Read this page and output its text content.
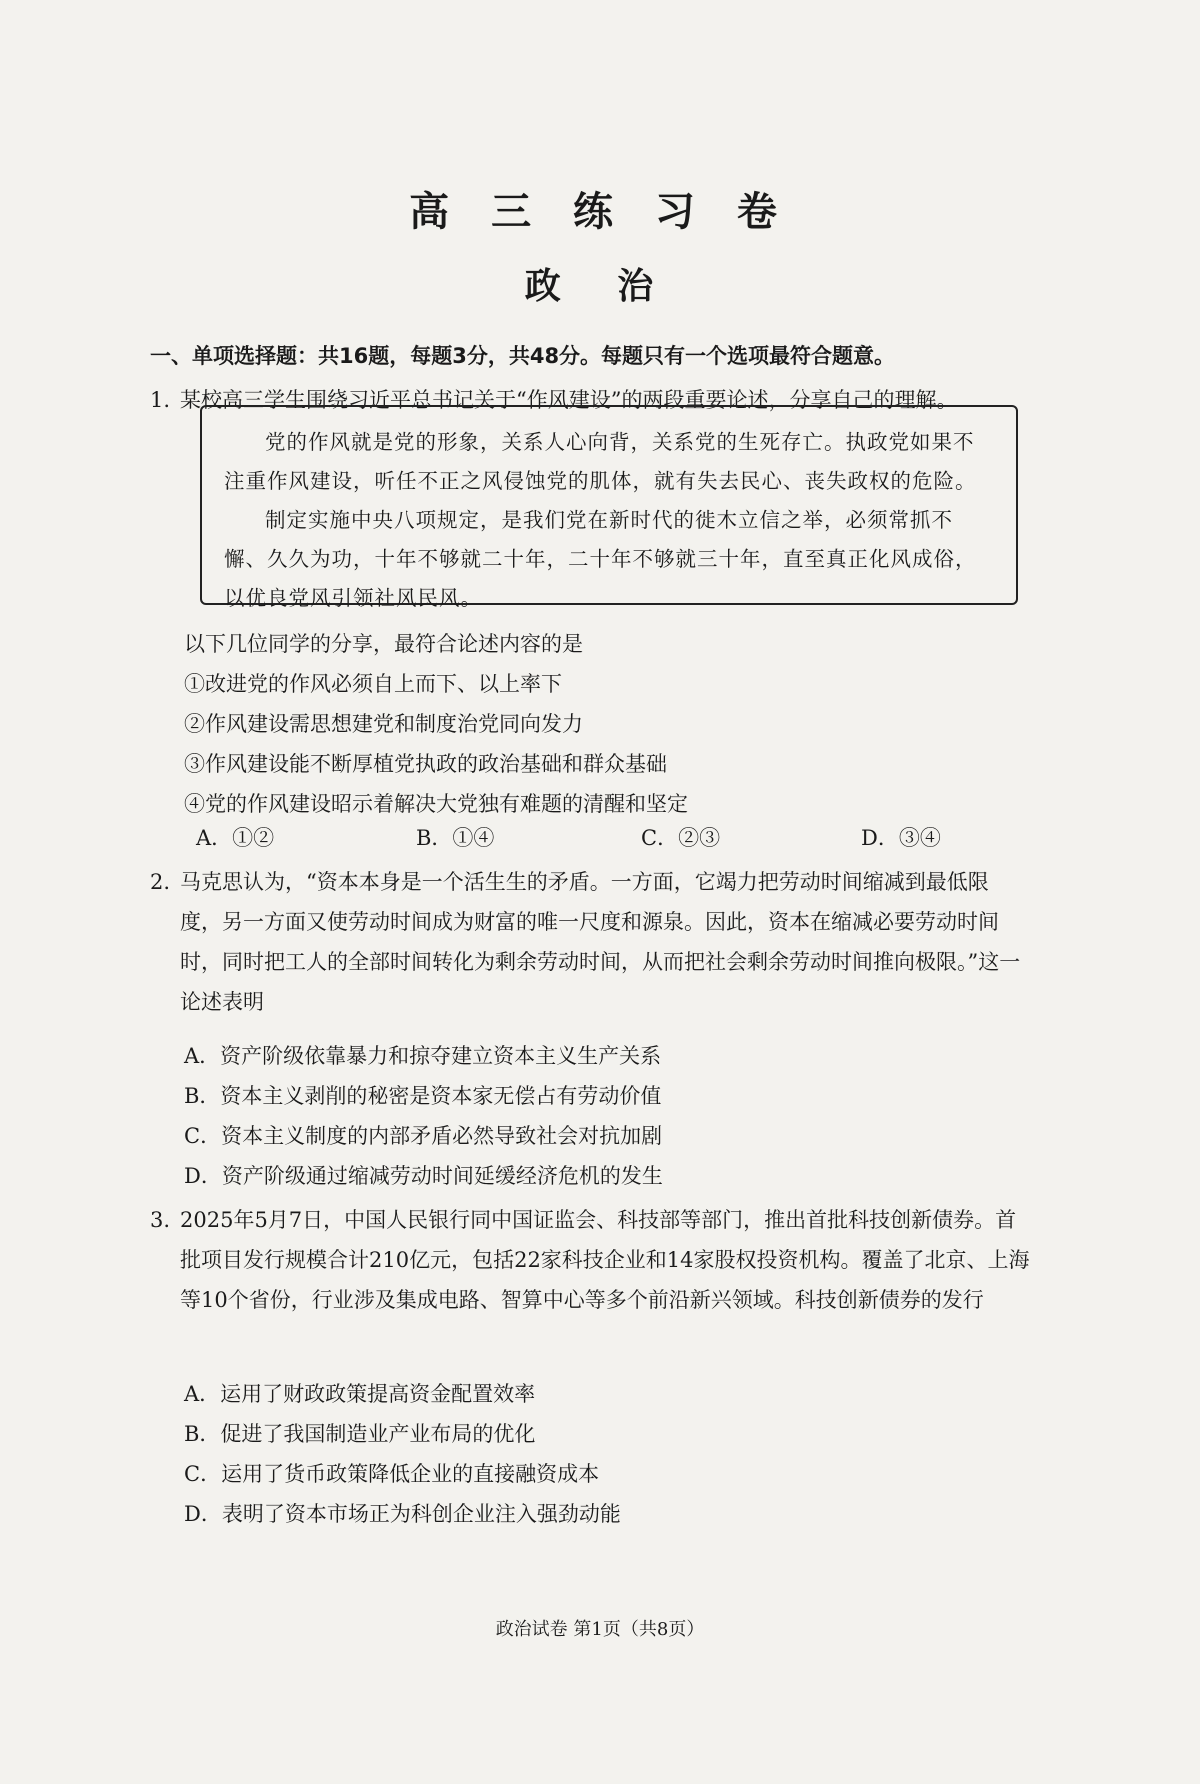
高 三 练 习 卷
政 治
一、单项选择题：共16题，每题3分，共48分。每题只有一个选项最符合题意。
1. 某校高三学生围绕习近平总书记关于“作风建设”的两段重要论述，分享自己的理解。
党的作风就是党的形象，关系人心向背，关系党的生死存亡。执政党如果不注重作风建设，听任不正之风侵蚀党的肌体，就有失去民心、丧失政权的危险。
制定实施中央八项规定，是我们党在新时代的徙木立信之举，必须常抓不懈、久久为功，十年不够就二十年，二十年不够就三十年，直至真正化风成俗，以优良党风引领社风民风。
以下几位同学的分享，最符合论述内容的是
①改进党的作风必须自上而下、以上率下
②作风建设需思想建党和制度治党同向发力
③作风建设能不断厚植党执政的政治基础和群众基础
④党的作风建设昭示着解决大党独有难题的清醒和坚定
A．①②	B．①④	C．②③	D．③④
2. 马克思认为，“资本本身是一个活生生的矛盾。一方面，它竭力把劳动时间缩减到最低限度，另一方面又使劳动时间成为财富的唯一尺度和源泉。因此，资本在缩减必要劳动时间时，同时把工人的全部时间转化为剩余劳动时间，从而把社会剩余劳动时间推向极限。”这一论述表明
A．资产阶级依靠暴力和掠夺建立资本主义生产关系
B．资本主义剥削的秘密是资本家无偿占有劳动价值
C．资本主义制度的内部矛盾必然导致社会对抗加剧
D．资产阶级通过缩减劳动时间延缓经济危机的发生
3. 2025年5月7日，中国人民银行同中国证监会、科技部等部门，推出首批科技创新债券。首批项目发行规模合计210亿元，包括22家科技企业和14家股权投资机构。覆盖了北京、上海等10个省份，行业涉及集成电路、智算中心等多个前沿新兴领域。科技创新债券的发行
A．运用了财政政策提高资金配置效率
B．促进了我国制造业产业布局的优化
C．运用了货币政策降低企业的直接融资成本
D．表明了资本市场正为科创企业注入强劲动能
政治试卷 第1页（共8页）
